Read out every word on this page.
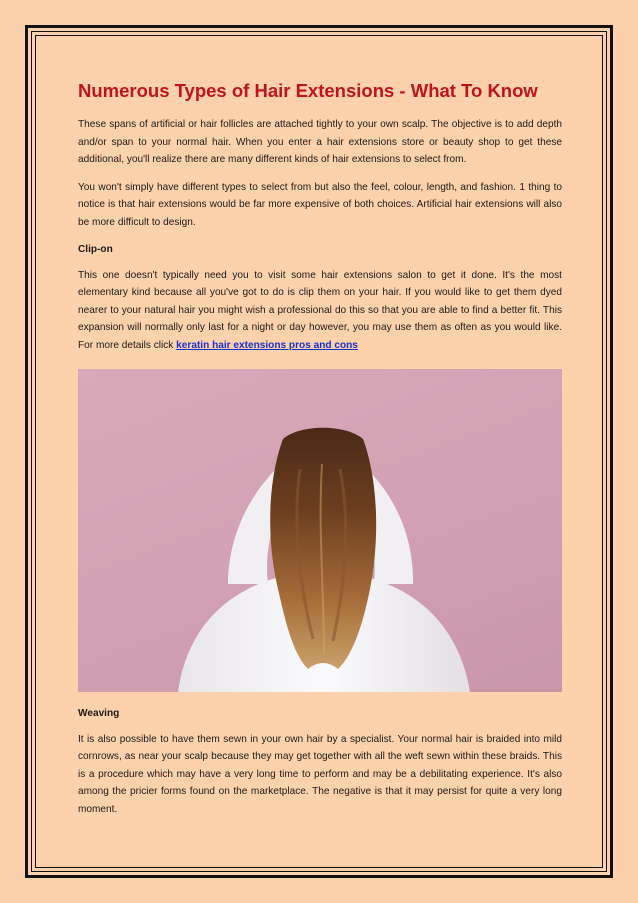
Numerous Types of Hair Extensions - What To Know

These spans of artificial or hair follicles are attached tightly to your own scalp. The objective is to add depth and/or span to your normal hair. When you enter a hair extensions store or beauty shop to get these additional, you'll realize there are many different kinds of hair extensions to select from.

You won't simply have different types to select from but also the feel, colour, length, and fashion. 1 thing to notice is that hair extensions would be far more expensive of both choices. Artificial hair extensions will also be more difficult to design.

Clip-on

This one doesn't typically need you to visit some hair extensions salon to get it done. It's the most elementary kind because all you've got to do is clip them on your hair. If you would like to get them dyed nearer to your natural hair you might wish a professional do this so that you are able to find a better fit. This expansion will normally only last for a night or day however, you may use them as often as you would like. For more details click keratin hair extensions pros and cons

Weaving

It is also possible to have them sewn in your own hair by a specialist. Your normal hair is braided into mild cornrows, as near your scalp because they may get together with all the weft sewn within these braids. This is a procedure which may have a very long time to perform and may be a debilitating experience. It's also among the pricier forms found on the marketplace. The negative is that it may persist for quite a very long moment.
